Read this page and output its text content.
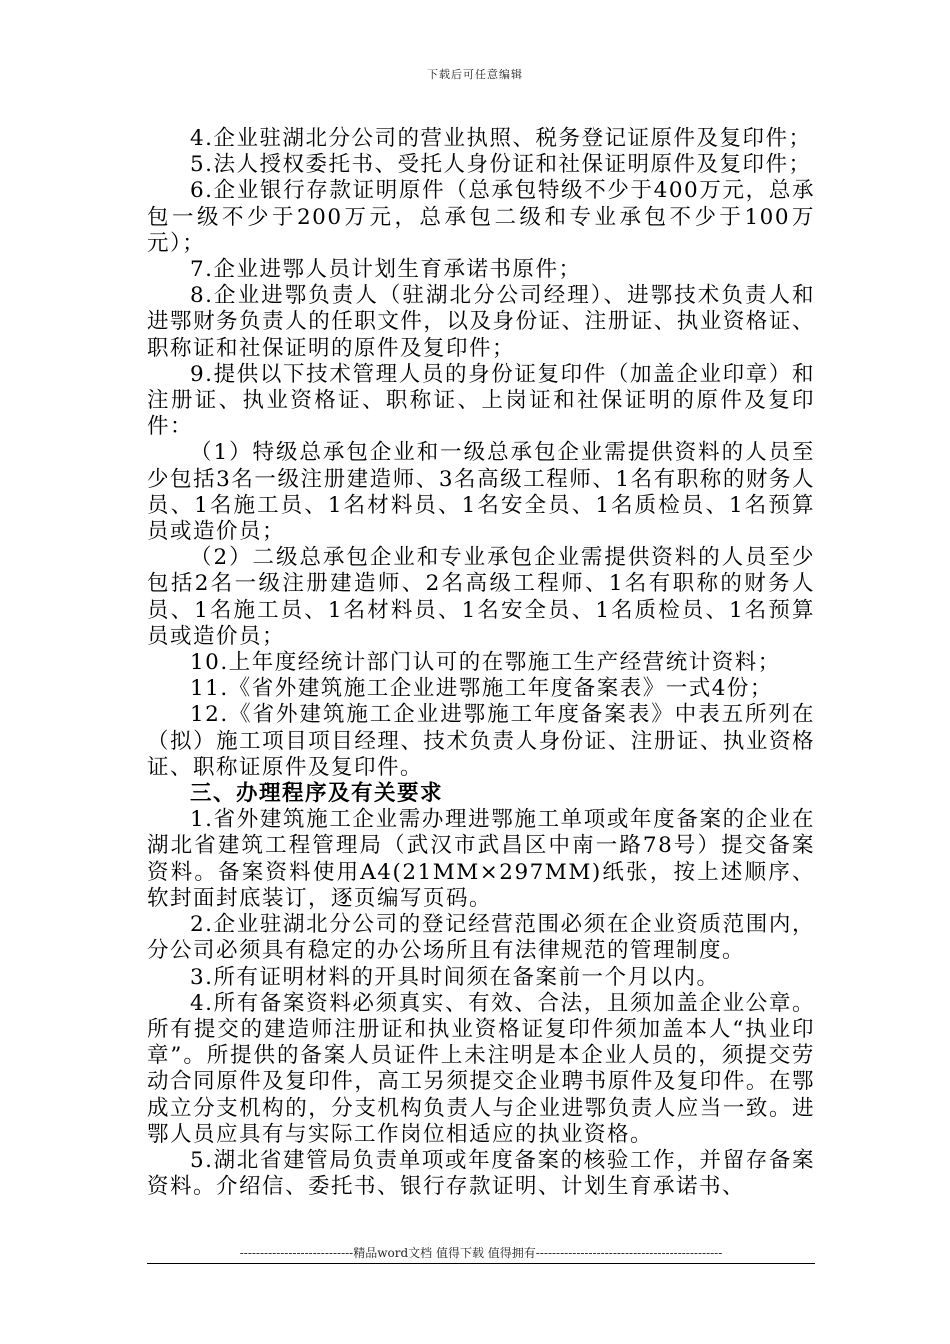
下载后可任意编辑

4.企业驻湖北分公司的营业执照、税务登记证原件及复印件；

5.法人授权委托书、受托人身份证和社保证明原件及复印件；

6.企业银行存款证明原件（总承包特级不少于400万元，总承包一级不少于200万元，总承包二级和专业承包不少于100万元）；

7.企业进鄂人员计划生育承诺书原件；

8.企业进鄂负责人（驻湖北分公司经理）、进鄂技术负责人和进鄂财务负责人的任职文件，以及身份证、注册证、执业资格证、职称证和社保证明的原件及复印件；

9.提供以下技术管理人员的身份证复印件（加盖企业印章）和注册证、执业资格证、职称证、上岗证和社保证明的原件及复印件：

（1）特级总承包企业和一级总承包企业需提供资料的人员至少包括3名一级注册建造师、3名高级工程师、1名有职称的财务人员、1名施工员、1名材料员、1名安全员、1名质检员、1名预算员或造价员；

（2）二级总承包企业和专业承包企业需提供资料的人员至少包括2名一级注册建造师、2名高级工程师、1名有职称的财务人员、1名施工员、1名材料员、1名安全员、1名质检员、1名预算员或造价员；

10.上年度经统计部门认可的在鄂施工生产经营统计资料；

11.《省外建筑施工企业进鄂施工年度备案表》一式4份；

12.《省外建筑施工企业进鄂施工年度备案表》中表五所列在（拟）施工项目项目经理、技术负责人身份证、注册证、执业资格证、职称证原件及复印件。

三、办理程序及有关要求

1.省外建筑施工企业需办理进鄂施工单项或年度备案的企业在湖北省建筑工程管理局（武汉市武昌区中南一路78号）提交备案资料。备案资料使用A4(21MM×297MM)纸张，按上述顺序、软封面封底装订，逐页编写页码。

2.企业驻湖北分公司的登记经营范围必须在企业资质范围内，分公司必须具有稳定的办公场所且有法律规范的管理制度。

3.所有证明材料的开具时间须在备案前一个月以内。

4.所有备案资料必须真实、有效、合法，且须加盖企业公章。所有提交的建造师注册证和执业资格证复印件须加盖本人“执业印章”。所提供的备案人员证件上未注明是本企业人员的，须提交劳动合同原件及复印件，高工另须提交企业聘书原件及复印件。在鄂成立分支机构的，分支机构负责人与企业进鄂负责人应当一致。进鄂人员应具有与实际工作岗位相适应的执业资格。

5.湖北省建管局负责单项或年度备案的核验工作，并留存备案资料。介绍信、委托书、银行存款证明、计划生育承诺书、

----------------------------精品word文档 值得下载 值得拥有----------------------------------------------
